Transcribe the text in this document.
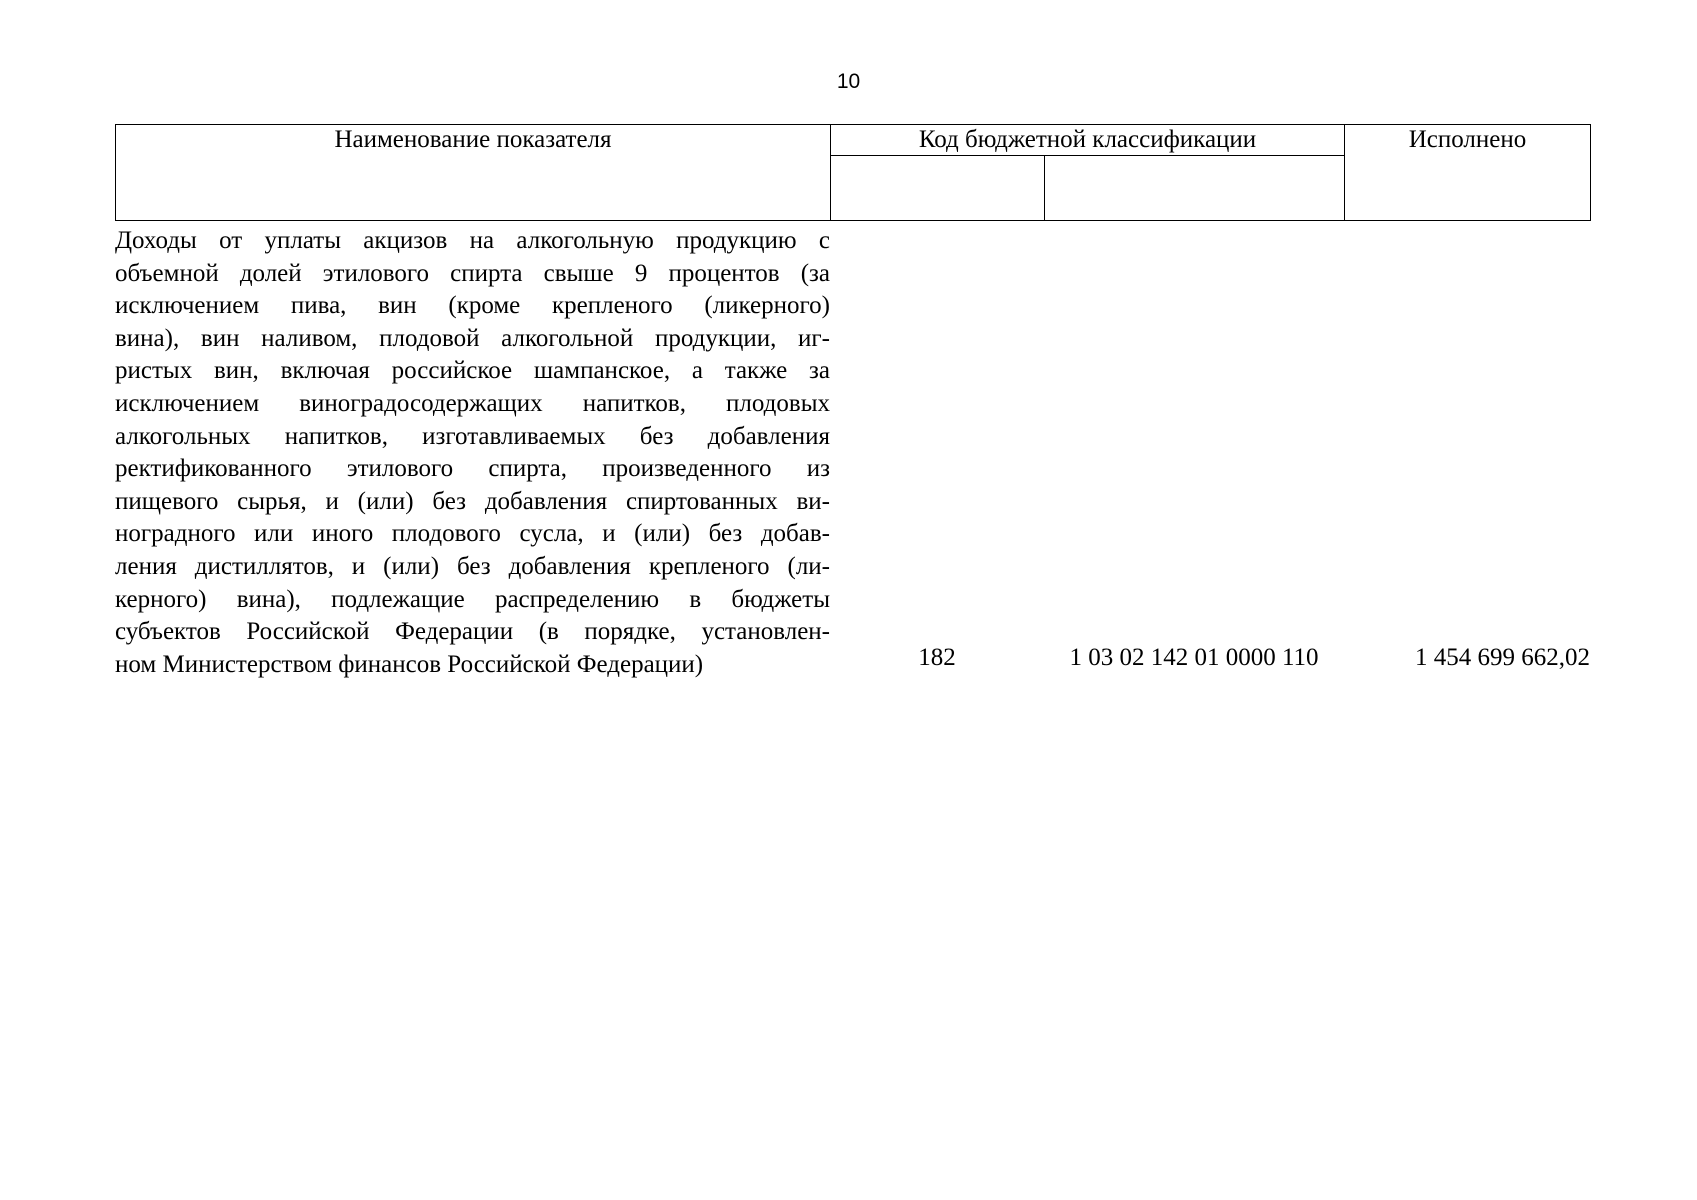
10
Наименование показателя	Код бюджетной классификации		Исполнено

Доходы от уплаты акцизов на алкогольную продукцию с
объемной долей этилового спирта свыше 9 процентов (за
исключением пива, вин (кроме крепленого (ликерного)
вина), вин наливом, плодовой алкогольной продукции, иг-
ристых вин, включая российское шампанское, а также за
исключением виноградосодержащих напитков, плодовых
алкогольных напитков, изготавливаемых без добавления
ректификованного этилового спирта, произведенного из
пищевого сырья, и (или) без добавления спиртованных ви-
ноградного или иного плодового сусла, и (или) без добав-
ления дистиллятов, и (или) без добавления крепленого (ли-
керного) вина), подлежащие распределению в бюджеты
субъектов Российской Федерации (в порядке, установлен-
ном Министерством финансов Российской Федерации)	182	1 03 02 142 01 0000 110	1 454 699 662,02
